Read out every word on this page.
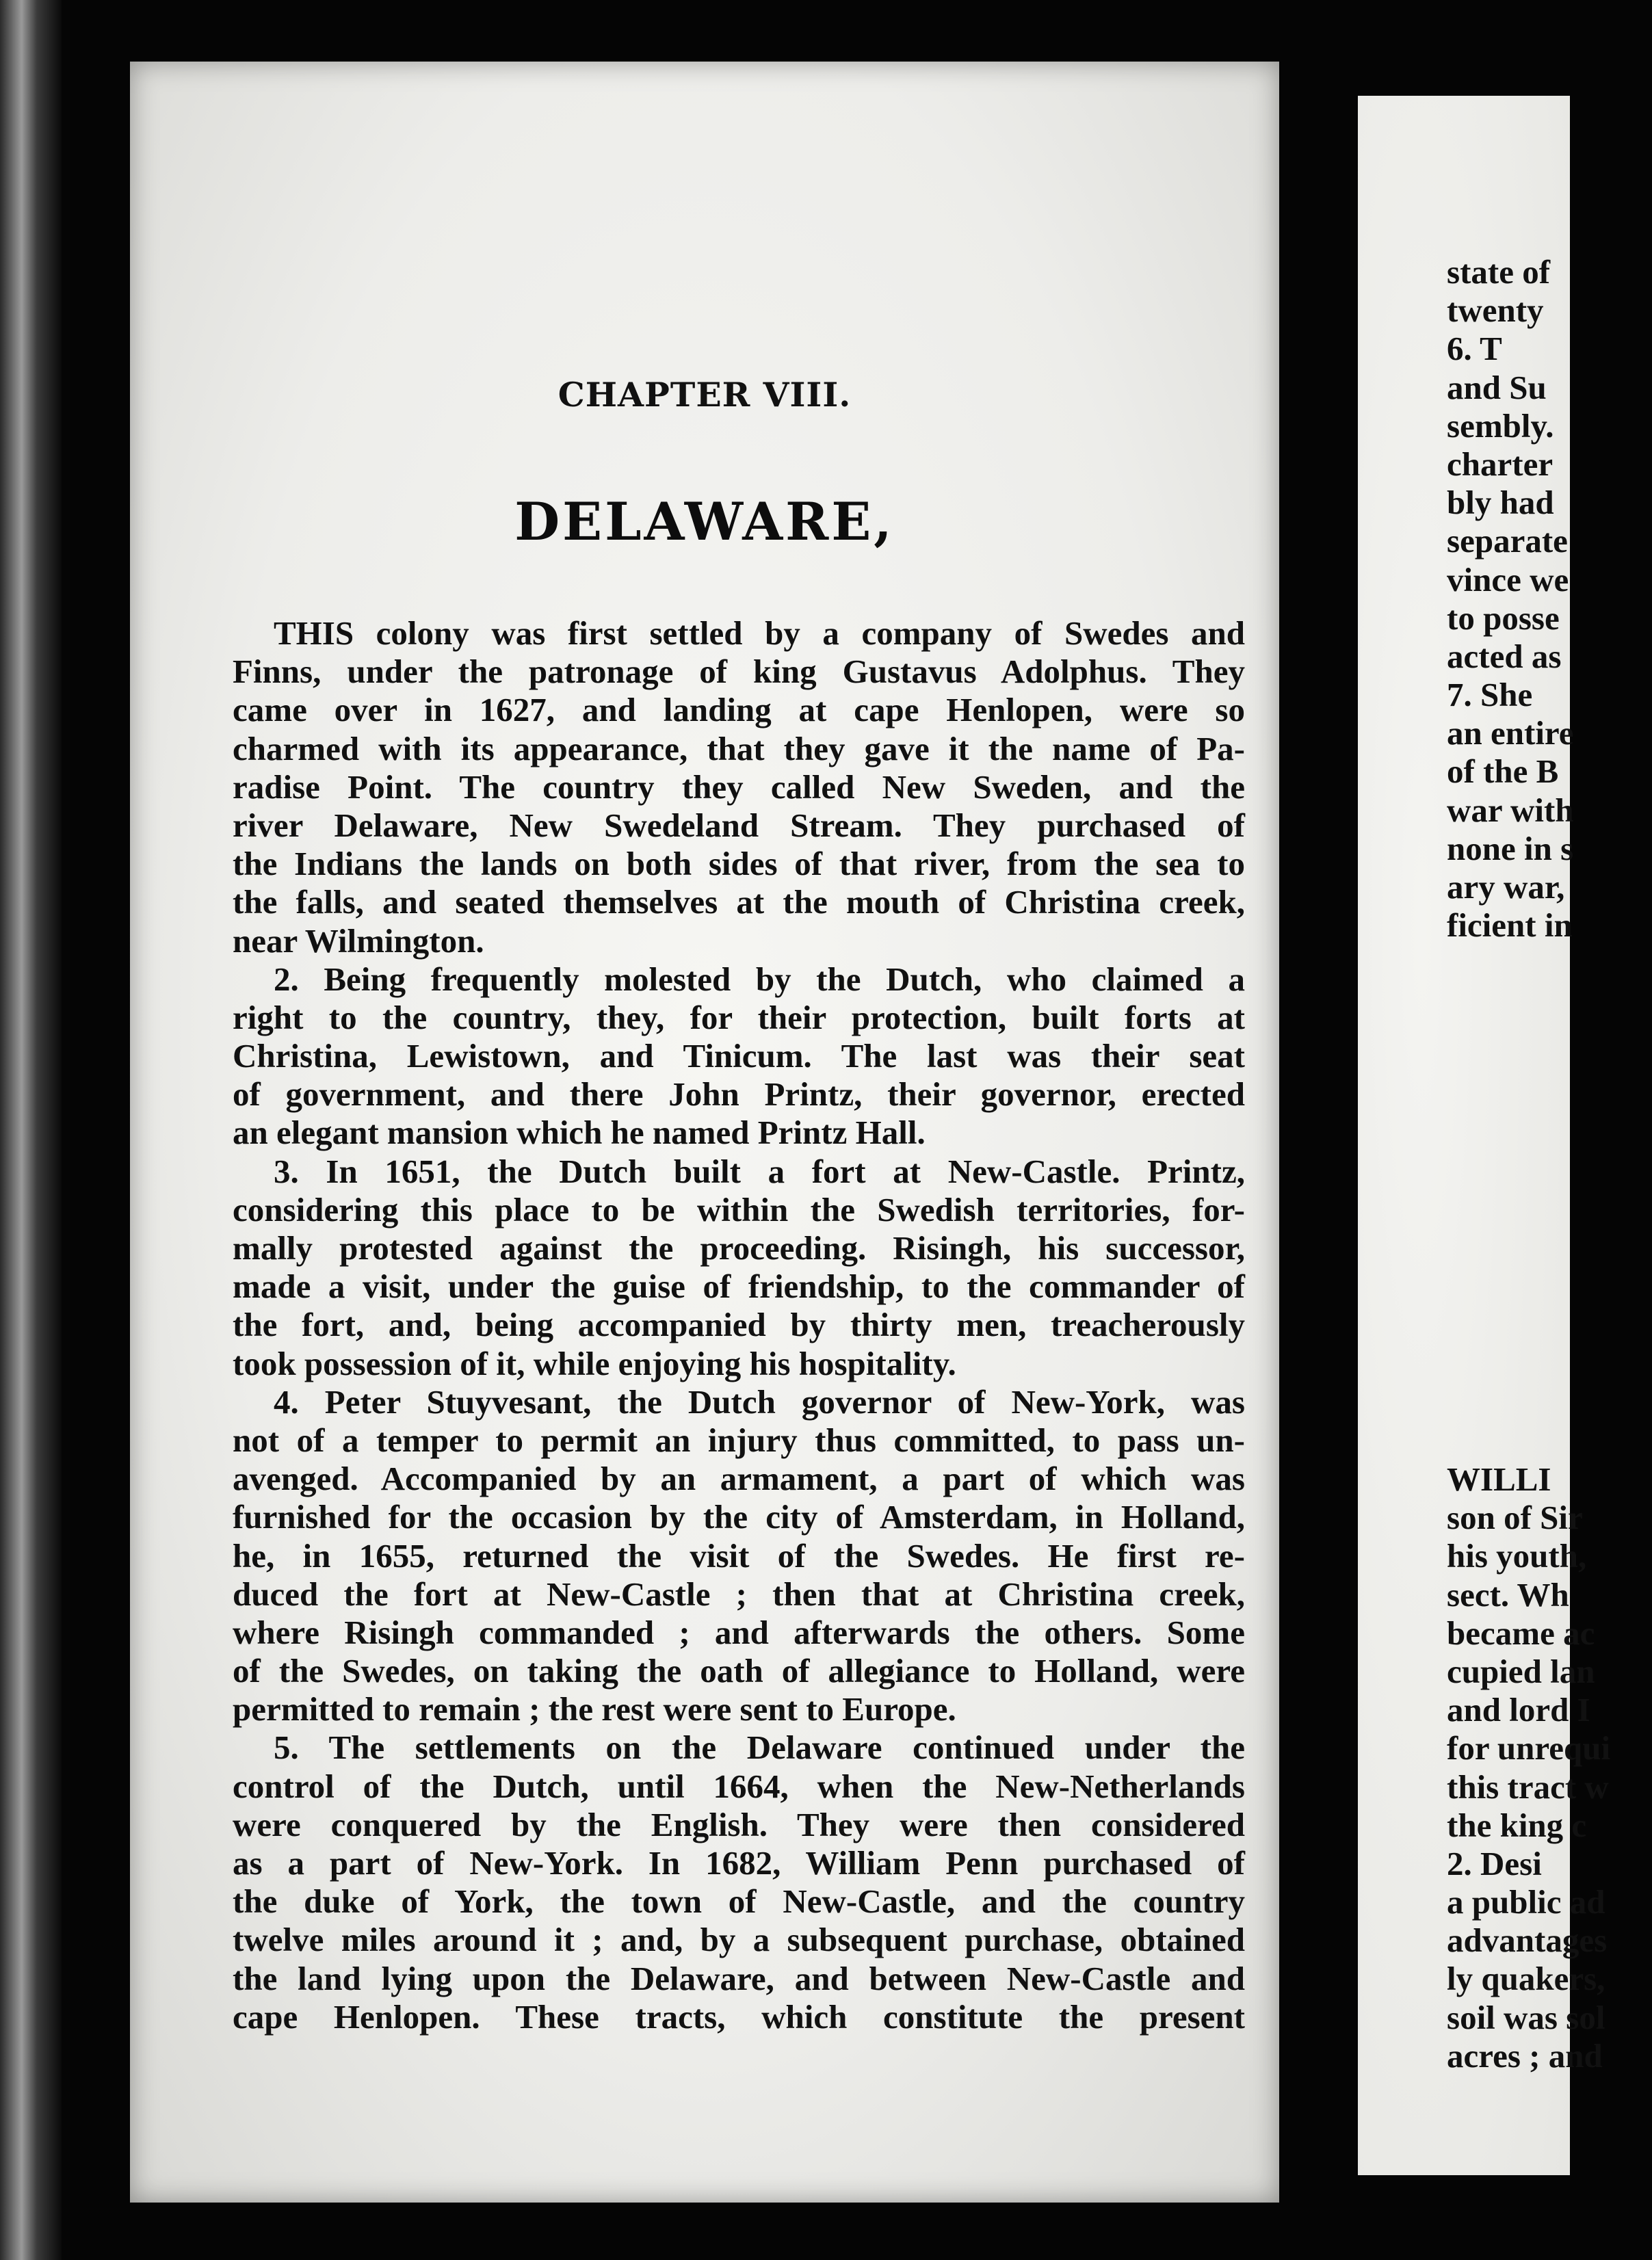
CHAPTER VIII.
DELAWARE,
THIS colony was first settled by a company of Swedes and
Finns, under the patronage of king Gustavus Adolphus. They
came over in 1627, and landing at cape Henlopen, were so
charmed with its appearance, that they gave it the name of Pa-
radise Point. The country they called New Sweden, and the
river Delaware, New Swedeland Stream. They purchased of
the Indians the lands on both sides of that river, from the sea to
the falls, and seated themselves at the mouth of Christina creek,
near Wilmington.
2. Being frequently molested by the Dutch, who claimed a
right to the country, they, for their protection, built forts at
Christina, Lewistown, and Tinicum. The last was their seat
of government, and there John Printz, their governor, erected
an elegant mansion which he named Printz Hall.
3. In 1651, the Dutch built a fort at New-Castle. Printz,
considering this place to be within the Swedish territories, for-
mally protested against the proceeding. Risingh, his successor,
made a visit, under the guise of friendship, to the commander of
the fort, and, being accompanied by thirty men, treacherously
took possession of it, while enjoying his hospitality.
4. Peter Stuyvesant, the Dutch governor of New-York, was
not of a temper to permit an injury thus committed, to pass un-
avenged. Accompanied by an armament, a part of which was
furnished for the occasion by the city of Amsterdam, in Holland,
he, in 1655, returned the visit of the Swedes. He first re-
duced the fort at New-Castle ; then that at Christina creek,
where Risingh commanded ; and afterwards the others. Some
of the Swedes, on taking the oath of allegiance to Holland, were
permitted to remain ; the rest were sent to Europe.
5. The settlements on the Delaware continued under the
control of the Dutch, until 1664, when the New-Netherlands
were conquered by the English. They were then considered
as a part of New-York. In 1682, William Penn purchased of
the duke of York, the town of New-Castle, and the country
twelve miles around it ; and, by a subsequent purchase, obtained
the land lying upon the Delaware, and between New-Castle and
cape Henlopen. These tracts, which constitute the present
state of
twenty
6. T
and Su
sembly.
charter
bly had
separate
vince we
to posse
acted as
7. She
an entire
of the B
war with
none in s
ary war,
ficient in
WILLI
son of Sir
his youth,
sect. Wh
became ac
cupied lan
and lord I
for unrequi
this tract w
the king c
2. Desi
a public ad
advantages
ly quakers,
soil was sol
acres ; and
